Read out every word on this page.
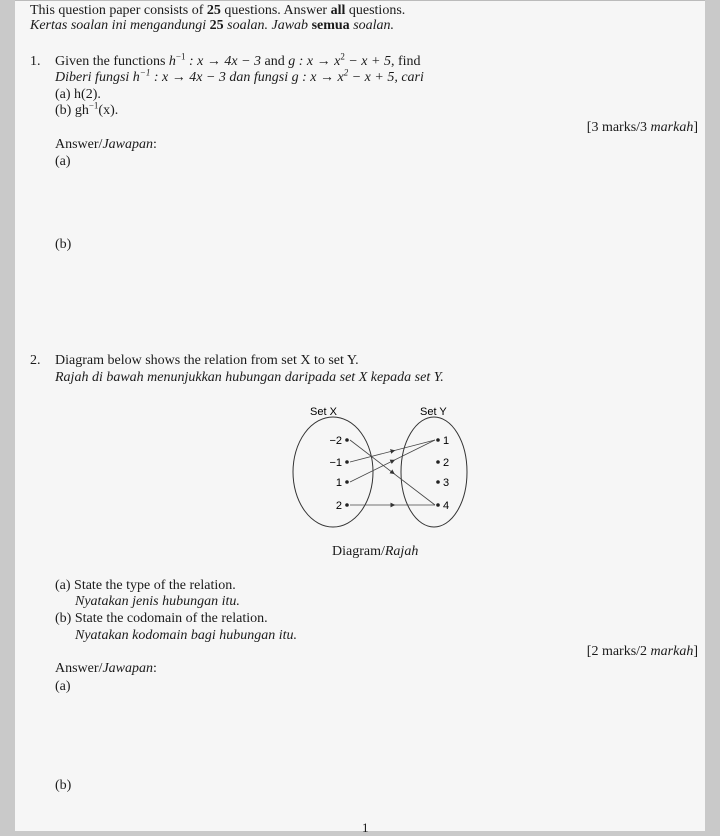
This question paper consists of 25 questions. Answer all questions.
Kertas soalan ini mengandungi 25 soalan. Jawab semua soalan.
1. Given the functions $h^{-1}$ : x → 4x − 3 and g : $x \to x^2 - x + 5$, find
Diberi fungsi $h^{-1}$ : x → 4x − 3 dan fungsi g : $x \to x^2 - x + 5$, cari
(a) h(2).
(b) $gh^{-1}(x)$.
[3 marks/3 markah]
Answer/Jawapan:
(a)
(b)
2. Diagram below shows the relation from set X to set Y.
Rajah di bawah menunjukkan hubungan daripada set X kepada set Y.
Set X	Set Y
−2
−1
1
2
1
2
3
4
Diagram/Rajah
(a) State the type of the relation.
Nyatakan jenis hubungan itu.
(b) State the codomain of the relation.
Nyatakan kodomain bagi hubungan itu.
[2 marks/2 markah]
Answer/Jawapan:
(a)
(b)
1
